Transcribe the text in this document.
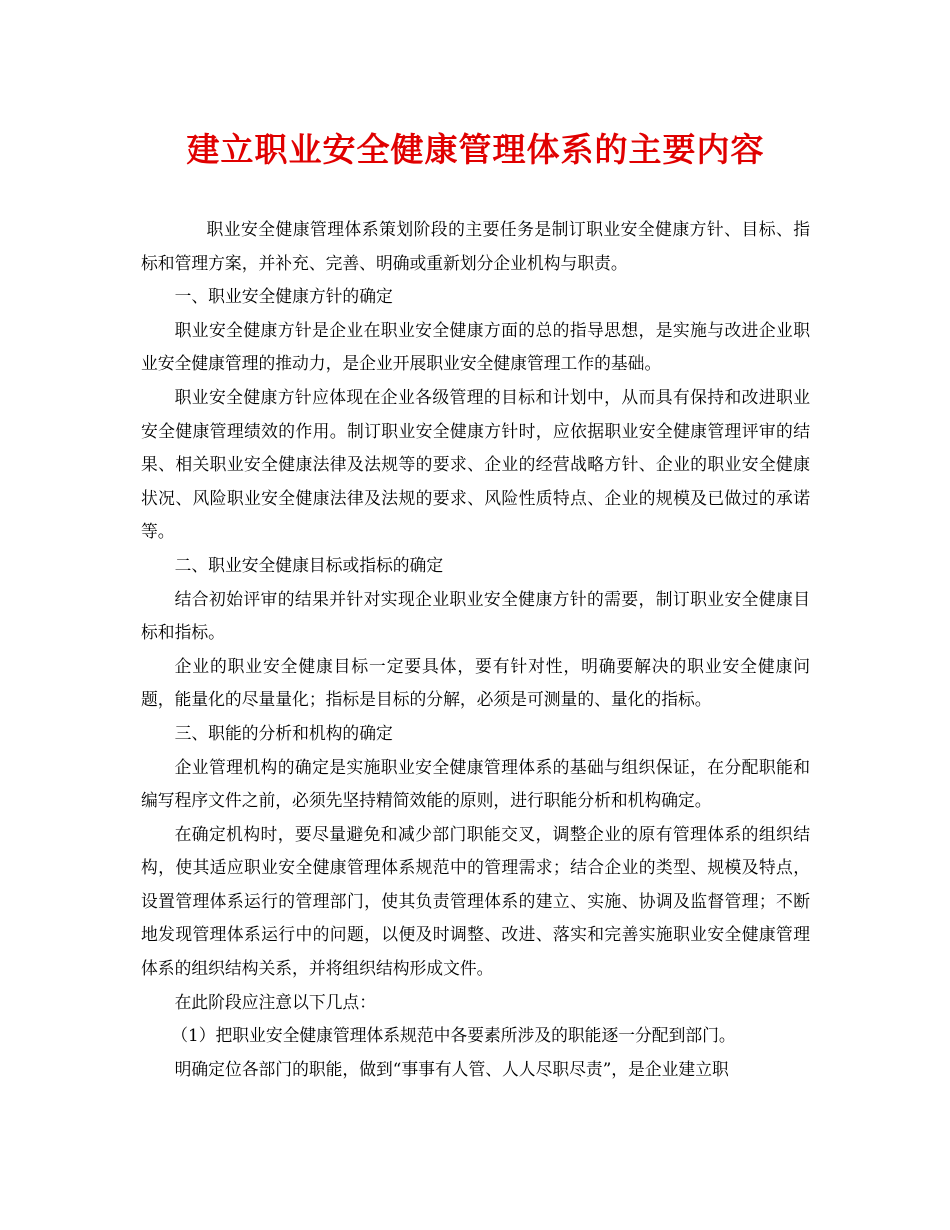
建立职业安全健康管理体系的主要内容

职业安全健康管理体系策划阶段的主要任务是制订职业安全健康方针、目标、指标和管理方案，并补充、完善、明确或重新划分企业机构与职责。

一、职业安全健康方针的确定

职业安全健康方针是企业在职业安全健康方面的总的指导思想，是实施与改进企业职业安全健康管理的推动力，是企业开展职业安全健康管理工作的基础。

职业安全健康方针应体现在企业各级管理的目标和计划中，从而具有保持和改进职业安全健康管理绩效的作用。制订职业安全健康方针时，应依据职业安全健康管理评审的结果、相关职业安全健康法律及法规等的要求、企业的经营战略方针、企业的职业安全健康状况、风险职业安全健康法律及法规的要求、风险性质特点、企业的规模及已做过的承诺等。

二、职业安全健康目标或指标的确定

结合初始评审的结果并针对实现企业职业安全健康方针的需要，制订职业安全健康目标和指标。

企业的职业安全健康目标一定要具体，要有针对性，明确要解决的职业安全健康问题，能量化的尽量量化；指标是目标的分解，必须是可测量的、量化的指标。

三、职能的分析和机构的确定

企业管理机构的确定是实施职业安全健康管理体系的基础与组织保证，在分配职能和编写程序文件之前，必须先坚持精简效能的原则，进行职能分析和机构确定。

在确定机构时，要尽量避免和减少部门职能交叉，调整企业的原有管理体系的组织结构，使其适应职业安全健康管理体系规范中的管理需求；结合企业的类型、规模及特点，设置管理体系运行的管理部门，使其负责管理体系的建立、实施、协调及监督管理；不断地发现管理体系运行中的问题，以便及时调整、改进、落实和完善实施职业安全健康管理体系的组织结构关系，并将组织结构形成文件。

在此阶段应注意以下几点：

（1）把职业安全健康管理体系规范中各要素所涉及的职能逐一分配到部门。

明确定位各部门的职能，做到“事事有人管、人人尽职尽责”，是企业建立职
